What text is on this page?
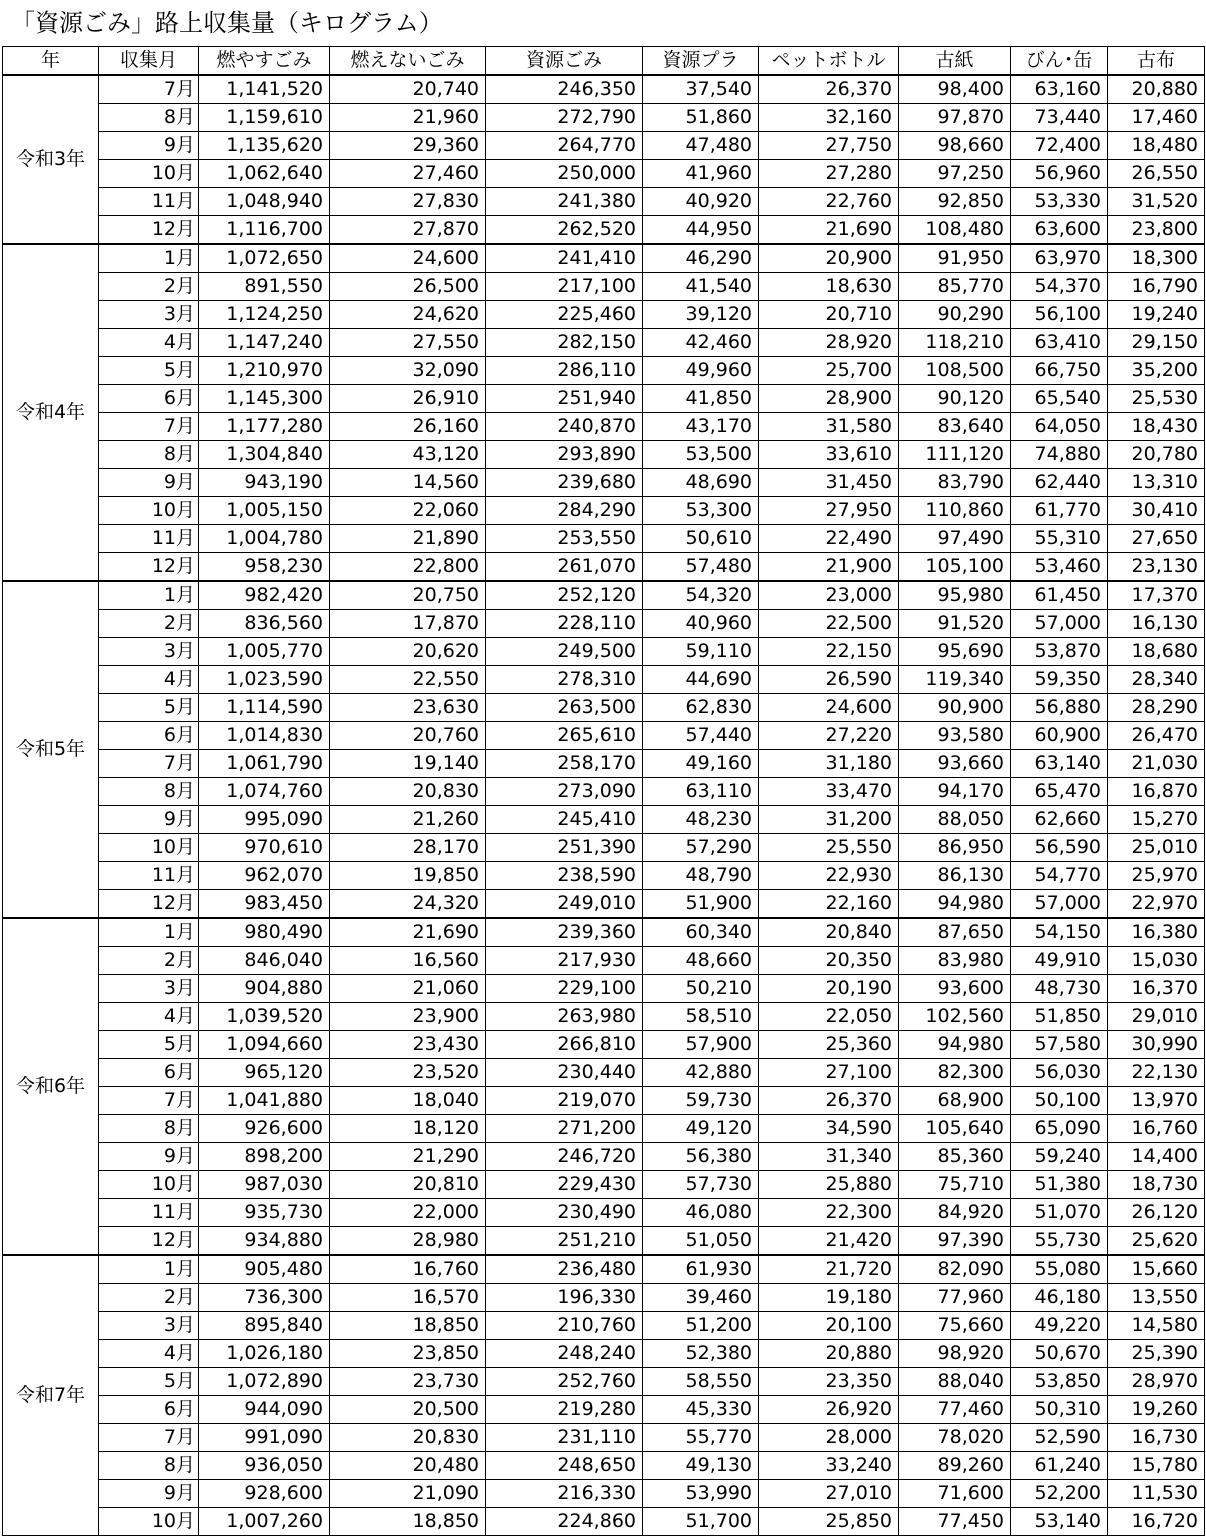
「資源ごみ」路上収集量（キログラム）
年	収集月	燃やすごみ	燃えないごみ	資源ごみ	資源プラ	ペットボトル	古紙	びん･缶	古布
令和3年	7月	1,141,520	20,740	246,350	37,540	26,370	98,400	63,160	20,880
	8月	1,159,610	21,960	272,790	51,860	32,160	97,870	73,440	17,460
	9月	1,135,620	29,360	264,770	47,480	27,750	98,660	72,400	18,480
	10月	1,062,640	27,460	250,000	41,960	27,280	97,250	56,960	26,550
	11月	1,048,940	27,830	241,380	40,920	22,760	92,850	53,330	31,520
	12月	1,116,700	27,870	262,520	44,950	21,690	108,480	63,600	23,800
令和4年	1月	1,072,650	24,600	241,410	46,290	20,900	91,950	63,970	18,300
	2月	891,550	26,500	217,100	41,540	18,630	85,770	54,370	16,790
	3月	1,124,250	24,620	225,460	39,120	20,710	90,290	56,100	19,240
	4月	1,147,240	27,550	282,150	42,460	28,920	118,210	63,410	29,150
	5月	1,210,970	32,090	286,110	49,960	25,700	108,500	66,750	35,200
	6月	1,145,300	26,910	251,940	41,850	28,900	90,120	65,540	25,530
	7月	1,177,280	26,160	240,870	43,170	31,580	83,640	64,050	18,430
	8月	1,304,840	43,120	293,890	53,500	33,610	111,120	74,880	20,780
	9月	943,190	14,560	239,680	48,690	31,450	83,790	62,440	13,310
	10月	1,005,150	22,060	284,290	53,300	27,950	110,860	61,770	30,410
	11月	1,004,780	21,890	253,550	50,610	22,490	97,490	55,310	27,650
	12月	958,230	22,800	261,070	57,480	21,900	105,100	53,460	23,130
令和5年	1月	982,420	20,750	252,120	54,320	23,000	95,980	61,450	17,370
	2月	836,560	17,870	228,110	40,960	22,500	91,520	57,000	16,130
	3月	1,005,770	20,620	249,500	59,110	22,150	95,690	53,870	18,680
	4月	1,023,590	22,550	278,310	44,690	26,590	119,340	59,350	28,340
	5月	1,114,590	23,630	263,500	62,830	24,600	90,900	56,880	28,290
	6月	1,014,830	20,760	265,610	57,440	27,220	93,580	60,900	26,470
	7月	1,061,790	19,140	258,170	49,160	31,180	93,660	63,140	21,030
	8月	1,074,760	20,830	273,090	63,110	33,470	94,170	65,470	16,870
	9月	995,090	21,260	245,410	48,230	31,200	88,050	62,660	15,270
	10月	970,610	28,170	251,390	57,290	25,550	86,950	56,590	25,010
	11月	962,070	19,850	238,590	48,790	22,930	86,130	54,770	25,970
	12月	983,450	24,320	249,010	51,900	22,160	94,980	57,000	22,970
令和6年	1月	980,490	21,690	239,360	60,340	20,840	87,650	54,150	16,380
	2月	846,040	16,560	217,930	48,660	20,350	83,980	49,910	15,030
	3月	904,880	21,060	229,100	50,210	20,190	93,600	48,730	16,370
	4月	1,039,520	23,900	263,980	58,510	22,050	102,560	51,850	29,010
	5月	1,094,660	23,430	266,810	57,900	25,360	94,980	57,580	30,990
	6月	965,120	23,520	230,440	42,880	27,100	82,300	56,030	22,130
	7月	1,041,880	18,040	219,070	59,730	26,370	68,900	50,100	13,970
	8月	926,600	18,120	271,200	49,120	34,590	105,640	65,090	16,760
	9月	898,200	21,290	246,720	56,380	31,340	85,360	59,240	14,400
	10月	987,030	20,810	229,430	57,730	25,880	75,710	51,380	18,730
	11月	935,730	22,000	230,490	46,080	22,300	84,920	51,070	26,120
	12月	934,880	28,980	251,210	51,050	21,420	97,390	55,730	25,620
令和7年	1月	905,480	16,760	236,480	61,930	21,720	82,090	55,080	15,660
	2月	736,300	16,570	196,330	39,460	19,180	77,960	46,180	13,550
	3月	895,840	18,850	210,760	51,200	20,100	75,660	49,220	14,580
	4月	1,026,180	23,850	248,240	52,380	20,880	98,920	50,670	25,390
	5月	1,072,890	23,730	252,760	58,550	23,350	88,040	53,850	28,970
	6月	944,090	20,500	219,280	45,330	26,920	77,460	50,310	19,260
	7月	991,090	20,830	231,110	55,770	28,000	78,020	52,590	16,730
	8月	936,050	20,480	248,650	49,130	33,240	89,260	61,240	15,780
	9月	928,600	21,090	216,330	53,990	27,010	71,600	52,200	11,530
	10月	1,007,260	18,850	224,860	51,700	25,850	77,450	53,140	16,720
